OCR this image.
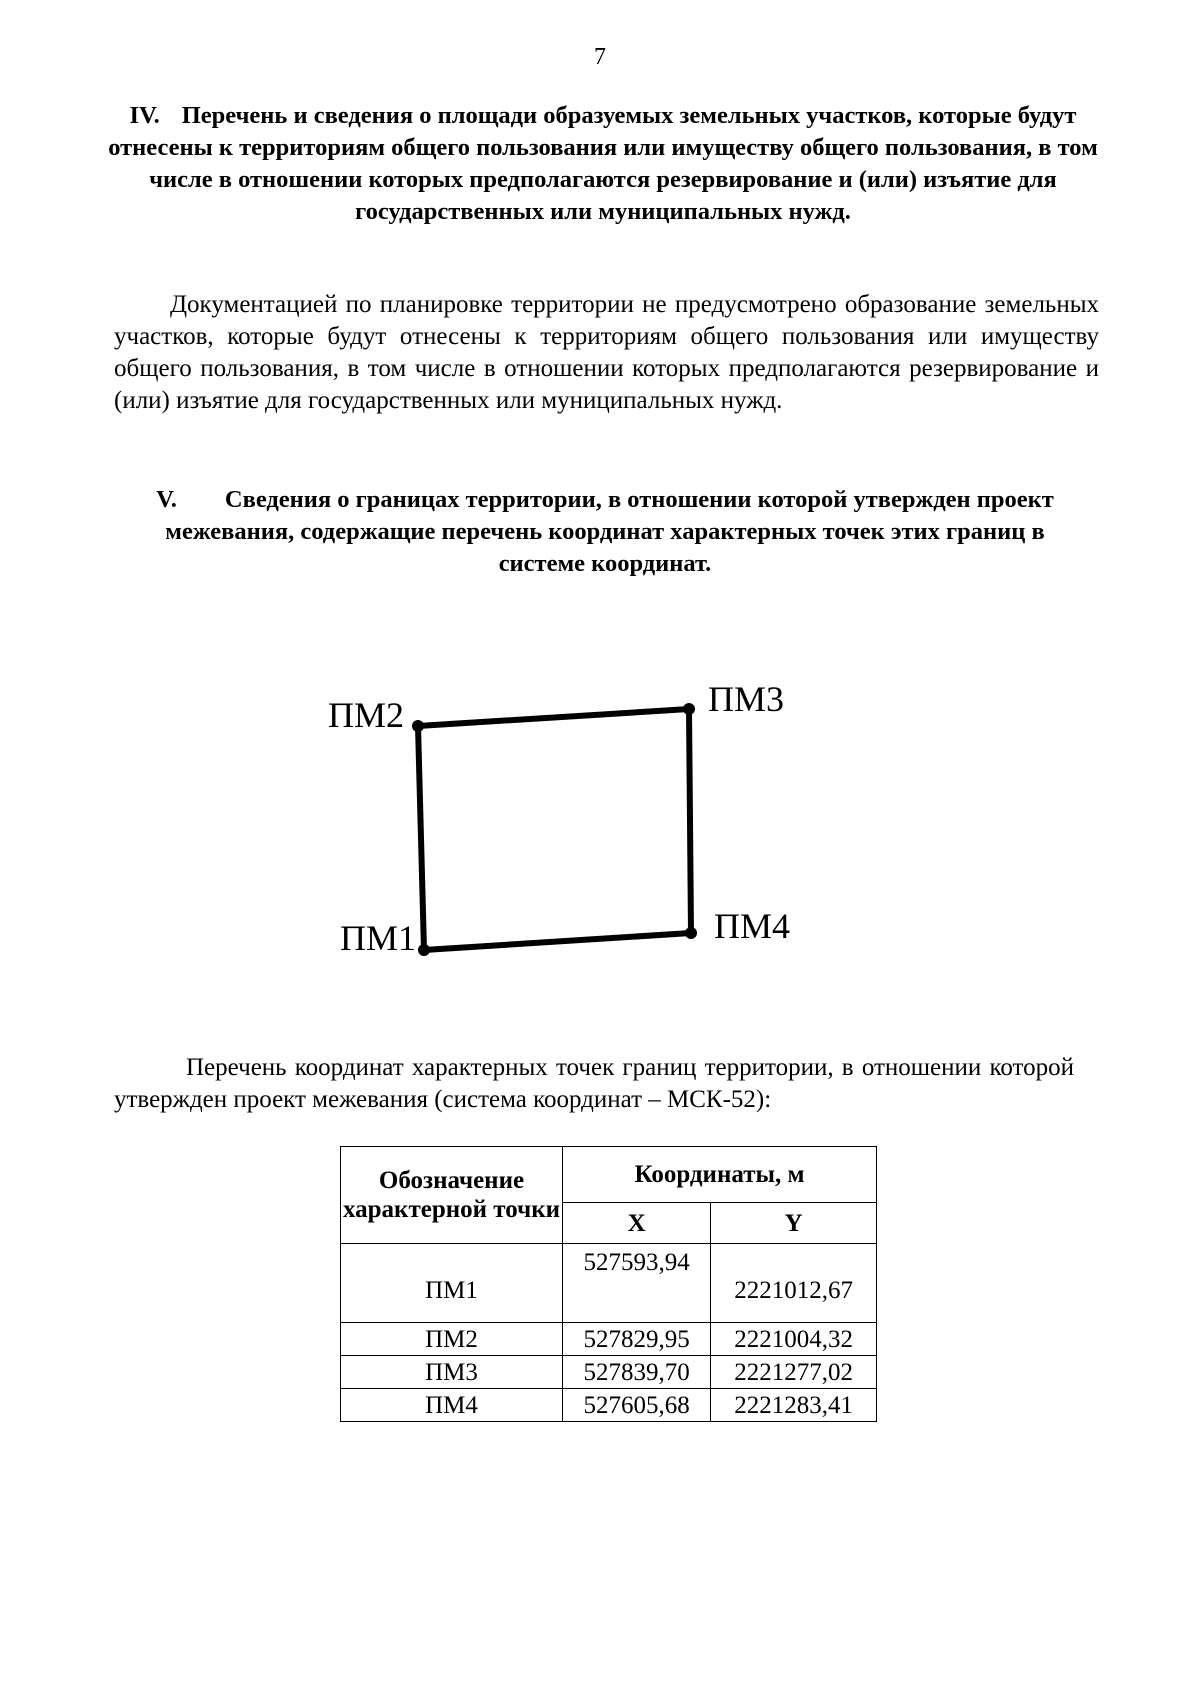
7
IV. Перечень и сведения о площади образуемых земельных участков, которые будут отнесены к территориям общего пользования или имуществу общего пользования, в том числе в отношении которых предполагаются резервирование и (или) изъятие для государственных или муниципальных нужд.
Документацией по планировке территории не предусмотрено образование земельных участков, которые будут отнесены к территориям общего пользования или имуществу общего пользования, в том числе в отношении которых предполагаются резервирование и (или) изъятие для государственных или муниципальных нужд.
V. Сведения о границах территории, в отношении которой утвержден проект межевания, содержащие перечень координат характерных точек этих границ в системе координат.
ПМ2	ПМ3
ПМ1	ПМ4
Перечень координат характерных точек границ территории, в отношении которой утвержден проект межевания (система координат – МСК-52):
Обозначение характерной точки	Координаты, м	
	X	Y
ПМ1	527593,94	2221012,67
ПМ2	527829,95	2221004,32
ПМ3	527839,70	2221277,02
ПМ4	527605,68	2221283,41
